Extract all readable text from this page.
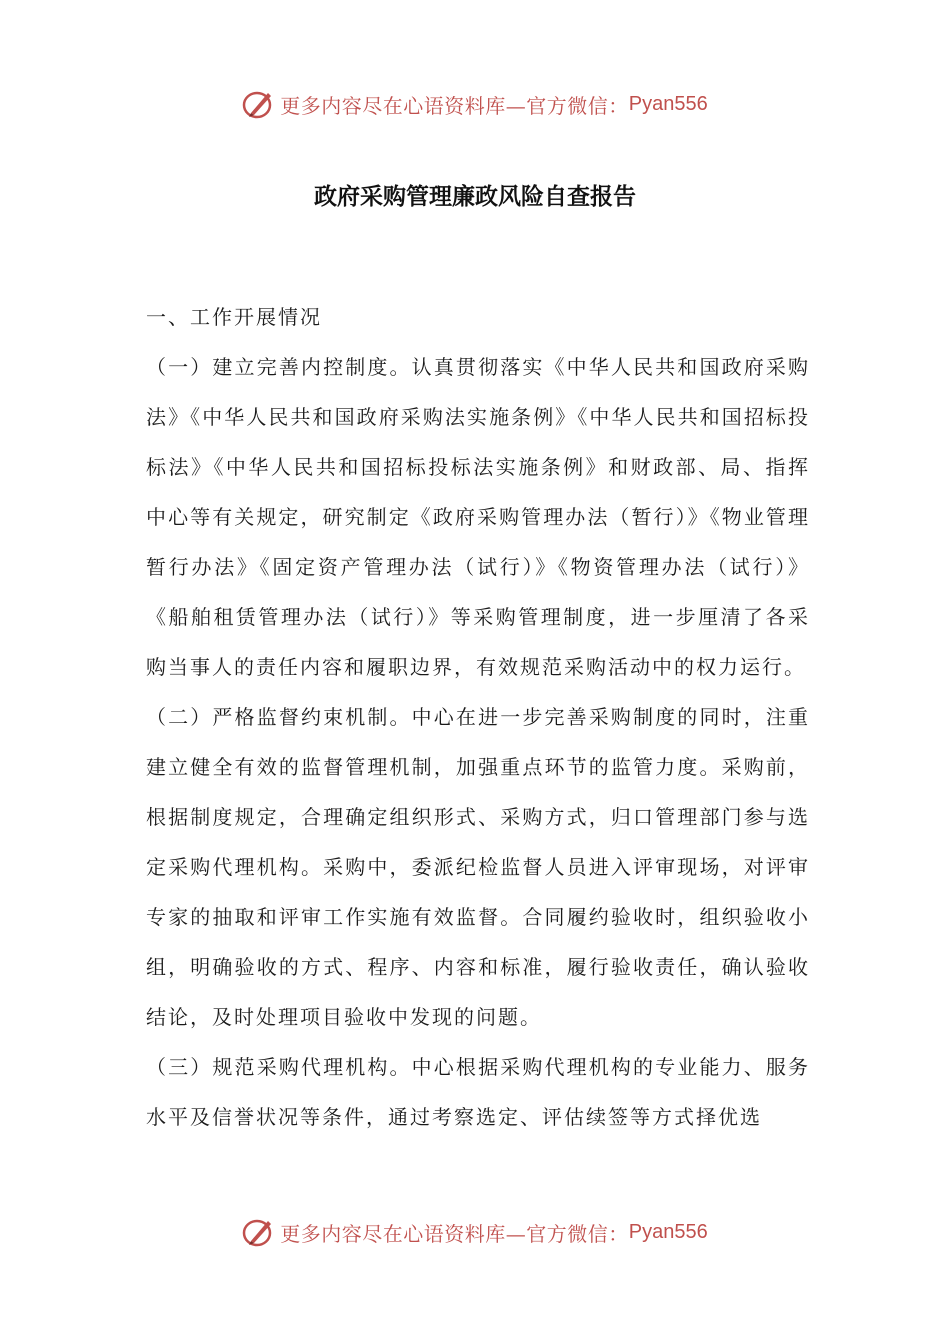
更多内容尽在心语资料库—官方微信： Pyan556
政府采购管理廉政风险自查报告

一、工作开展情况

（一）建立完善内控制度。认真贯彻落实《中华人民共和国政府采购法》《中华人民共和国政府采购法实施条例》《中华人民共和国招标投标法》《中华人民共和国招标投标法实施条例》和财政部、局、指挥中心等有关规定，研究制定《政府采购管理办法（暂行）》《物业管理暂行办法》《固定资产管理办法（试行）》《物资管理办法（试行）》《船舶租赁管理办法（试行）》等采购管理制度，进一步厘清了各采购当事人的责任内容和履职边界，有效规范采购活动中的权力运行。

（二）严格监督约束机制。中心在进一步完善采购制度的同时，注重建立健全有效的监督管理机制，加强重点环节的监管力度。采购前，根据制度规定，合理确定组织形式、采购方式，归口管理部门参与选定采购代理机构。采购中，委派纪检监督人员进入评审现场，对评审专家的抽取和评审工作实施有效监督。合同履约验收时，组织验收小组，明确验收的方式、程序、内容和标准，履行验收责任，确认验收结论，及时处理项目验收中发现的问题。

（三）规范采购代理机构。中心根据采购代理机构的专业能力、服务水平及信誉状况等条件，通过考察选定、评估续签等方式择优选

更多内容尽在心语资料库—官方微信： Pyan556
